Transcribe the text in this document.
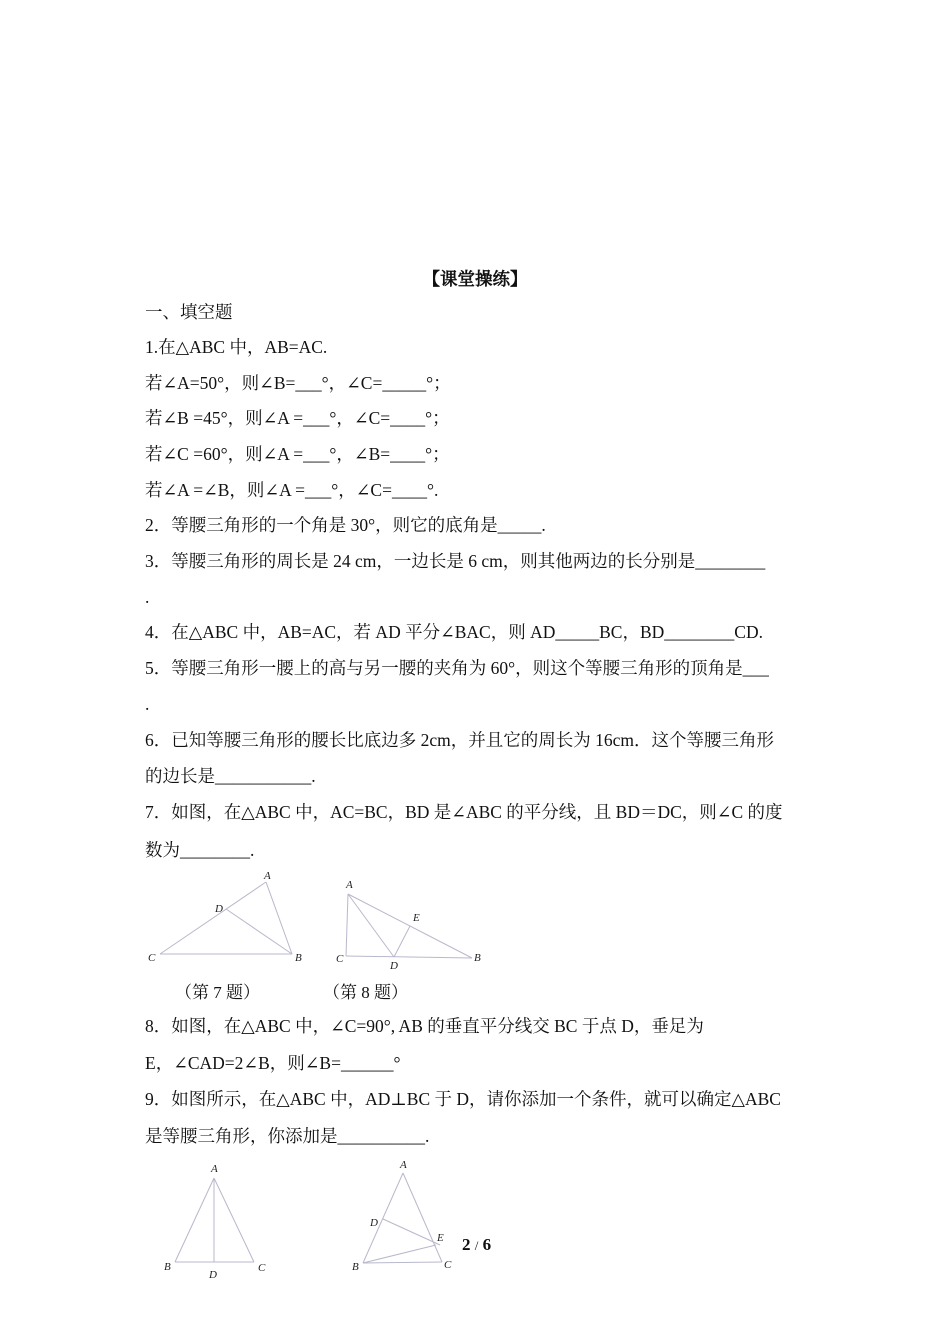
【课堂操练】
一、填空题
1.在△ABC 中，AB=AC.
若∠A=50°，则∠B=___°，∠C=_____°；
若∠B =45°，则∠A =___°，∠C=____°；
若∠C =60°，则∠A =___°，∠B=____°；
若∠A =∠B，则∠A =___°，∠C=____°.
2．等腰三角形的一个角是 30°，则它的底角是_____.
3．等腰三角形的周长是 24 cm，一边长是 6 cm，则其他两边的长分别是________
.
4．在△ABC 中，AB=AC，若 AD 平分∠BAC，则 AD_____BC，BD________CD.
5．等腰三角形一腰上的高与另一腰的夹角为 60°，则这个等腰三角形的顶角是___
.
6．已知等腰三角形的腰长比底边多 2cm，并且它的周长为 16cm．这个等腰三角形
的边长是___________.
7．如图，在△ABC 中，AC=BC，BD 是∠ABC 的平分线，且 BD＝DC，则∠C 的度
数为________.
A
D
C	B
A
E
C
D
B
（第 7 题）	（第 8 题）
8．如图，在△ABC 中，∠C=90°, AB 的垂直平分线交 BC 于点 D，垂足为
E，∠CAD=2∠B，则∠B=______°
9．如图所示，在△ABC 中，AD⊥BC 于 D，请你添加一个条件，就可以确定△ABC
是等腰三角形，你添加是__________.
A
B
D
C
A
D
E
B	C
2 / 6
